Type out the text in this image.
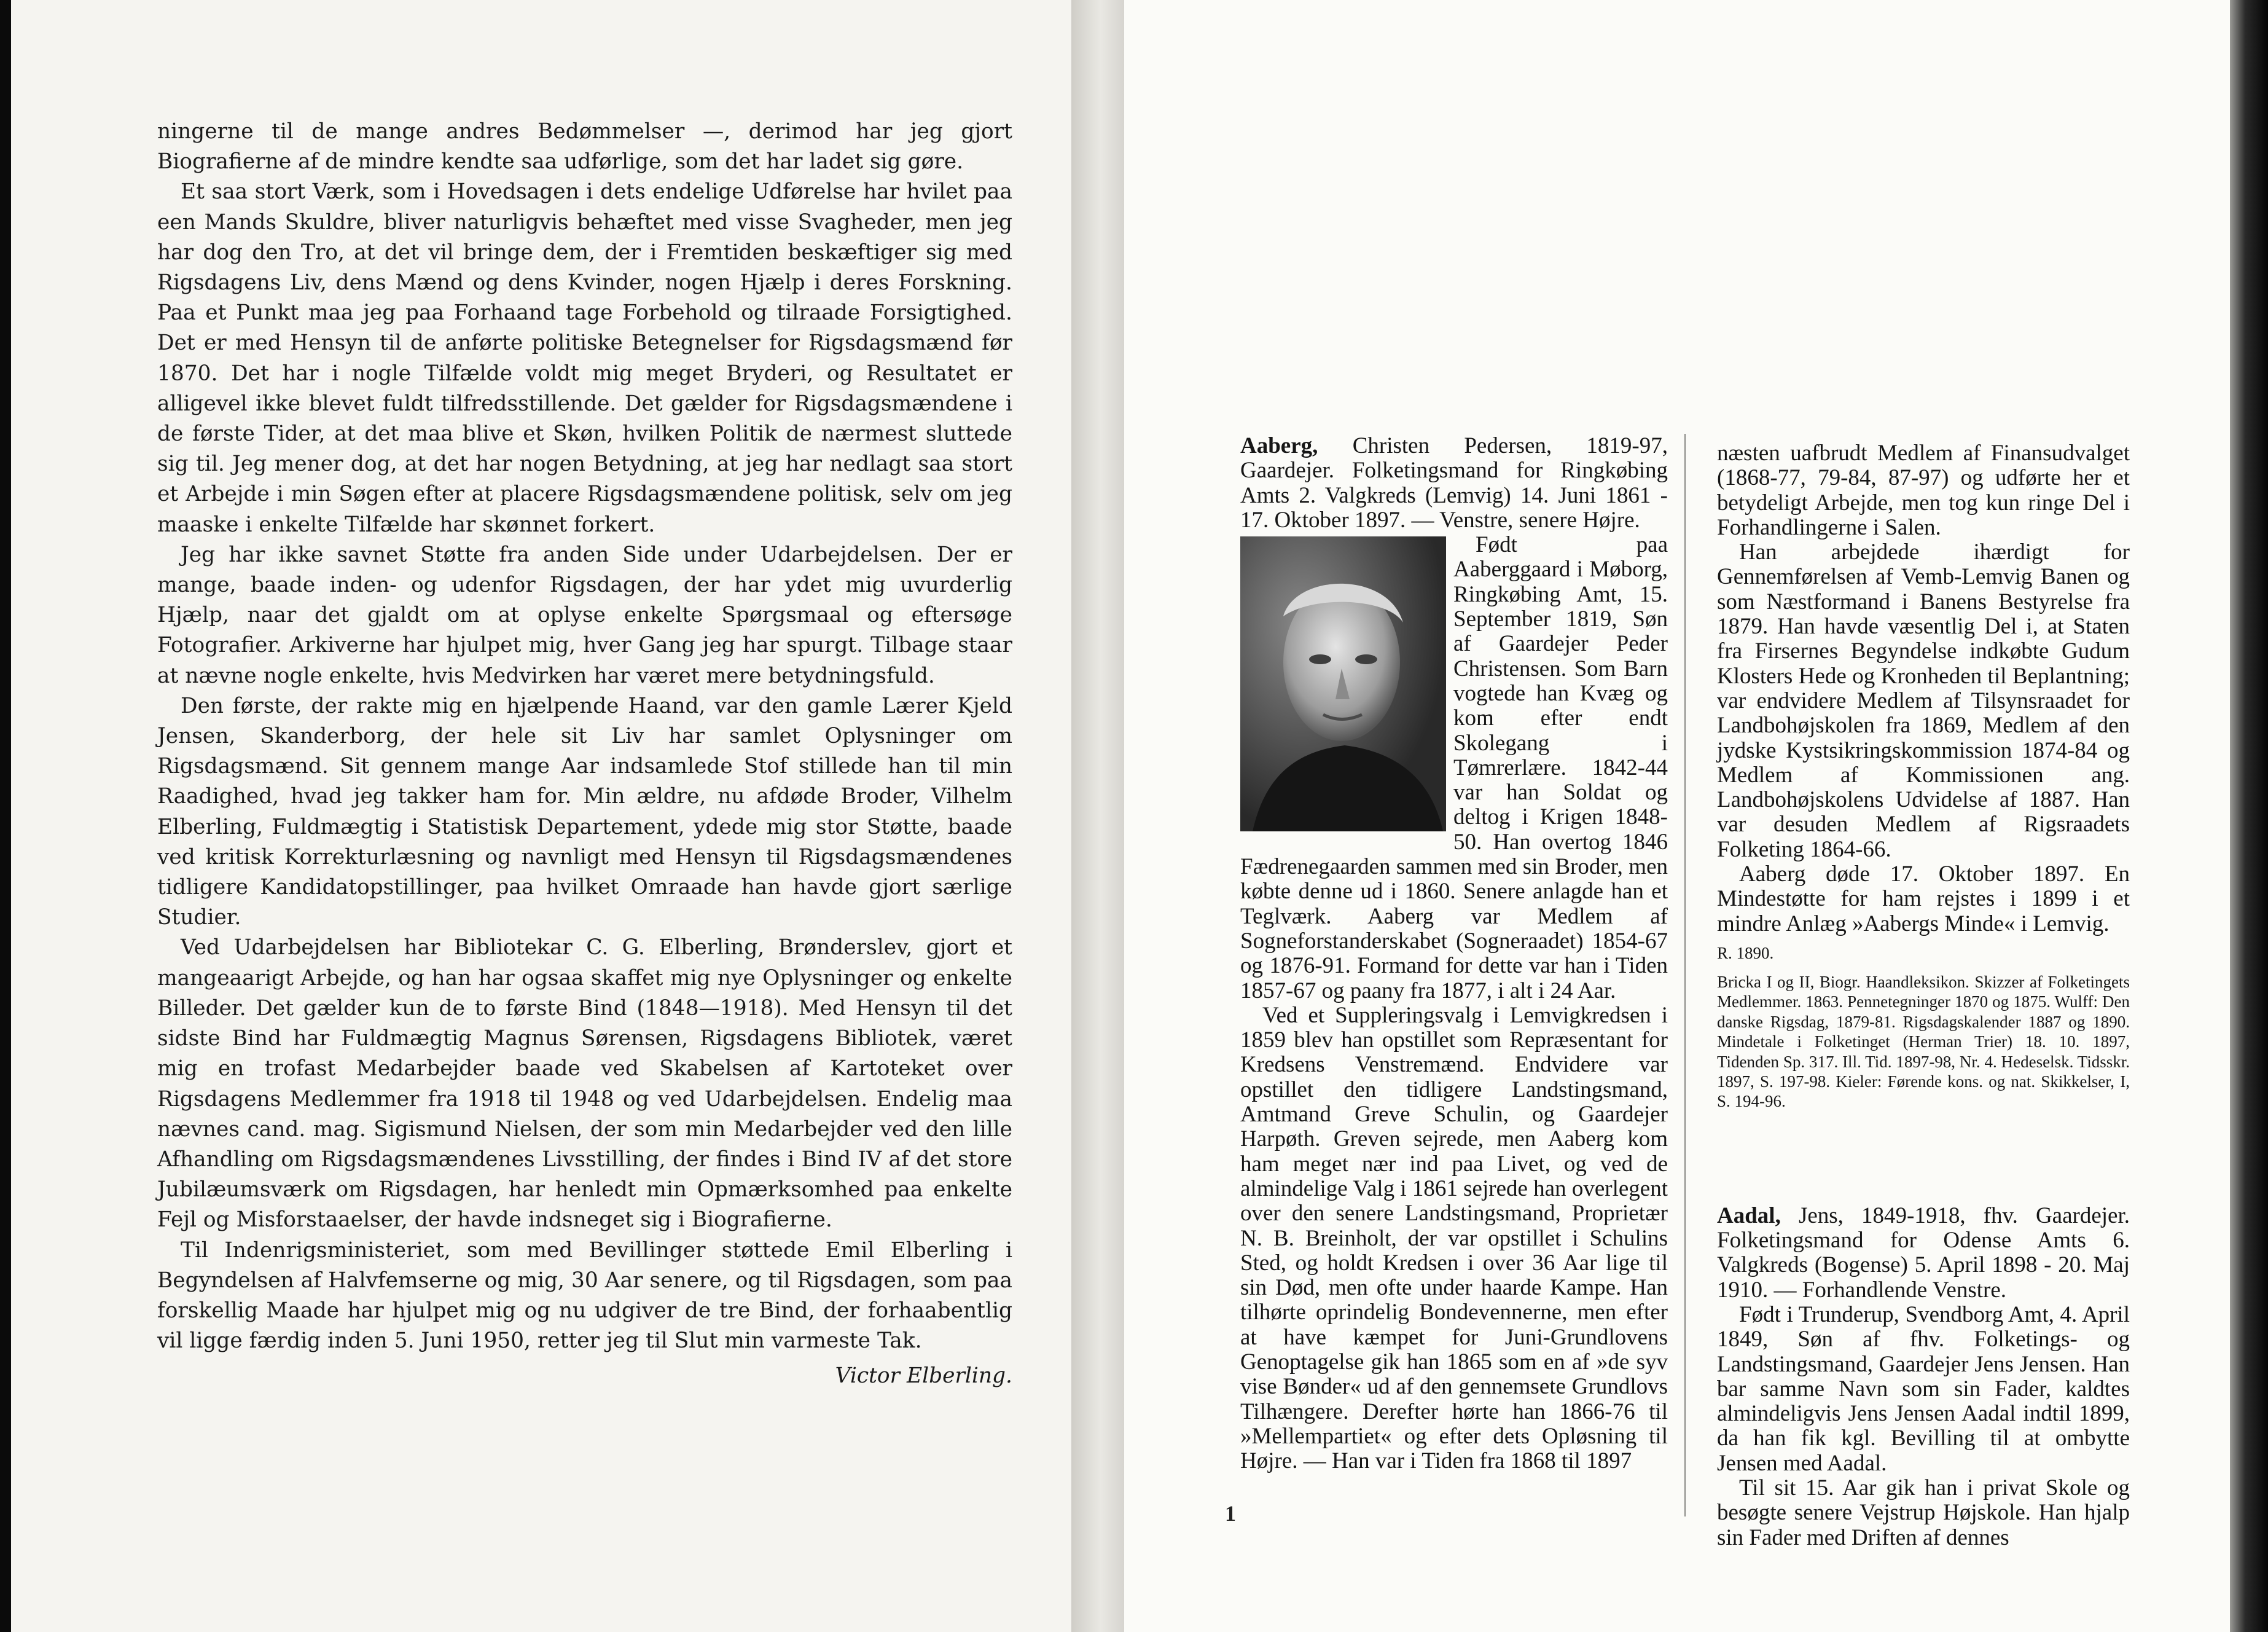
ningerne til de mange andres Bedømmelser —, derimod har jeg gjort Biografierne af de mindre kendte saa udførlige, som det har ladet sig gøre.

Et saa stort Værk, som i Hovedsagen i dets endelige Udførelse har hvilet paa een Mands Skuldre, bliver naturligvis behæftet med visse Svagheder, men jeg har dog den Tro, at det vil bringe dem, der i Fremtiden beskæftiger sig med Rigsdagens Liv, dens Mænd og dens Kvinder, nogen Hjælp i deres Forskning. Paa et Punkt maa jeg paa Forhaand tage Forbehold og tilraade Forsigtighed. Det er med Hensyn til de anførte politiske Betegnelser for Rigsdagsmænd før 1870. Det har i nogle Tilfælde voldt mig meget Bryderi, og Resultatet er alligevel ikke blevet fuldt tilfredsstillende. Det gælder for Rigsdagsmændene i de første Tider, at det maa blive et Skøn, hvilken Politik de nærmest sluttede sig til. Jeg mener dog, at det har nogen Betydning, at jeg har nedlagt saa stort et Arbejde i min Søgen efter at placere Rigsdagsmændene politisk, selv om jeg maaske i enkelte Tilfælde har skønnet forkert.

Jeg har ikke savnet Støtte fra anden Side under Udarbejdelsen. Der er mange, baade inden- og udenfor Rigsdagen, der har ydet mig uvurderlig Hjælp, naar det gjaldt om at oplyse enkelte Spørgsmaal og eftersøge Fotografier. Arkiverne har hjulpet mig, hver Gang jeg har spurgt. Tilbage staar at nævne nogle enkelte, hvis Medvirken har været mere betydningsfuld.

Den første, der rakte mig en hjælpende Haand, var den gamle Lærer Kjeld Jensen, Skanderborg, der hele sit Liv har samlet Oplysninger om Rigsdagsmænd. Sit gennem mange Aar indsamlede Stof stillede han til min Raadighed, hvad jeg takker ham for. Min ældre, nu afdøde Broder, Vilhelm Elberling, Fuldmægtig i Statistisk Departement, ydede mig stor Støtte, baade ved kritisk Korrekturlæsning og navnligt med Hensyn til Rigsdagsmændenes tidligere Kandidatopstillinger, paa hvilket Omraade han havde gjort særlige Studier.

Ved Udarbejdelsen har Bibliotekar C. G. Elberling, Brønderslev, gjort et mangeaarigt Arbejde, og han har ogsaa skaffet mig nye Oplysninger og enkelte Billeder. Det gælder kun de to første Bind (1848—1918). Med Hensyn til det sidste Bind har Fuldmægtig Magnus Sørensen, Rigsdagens Bibliotek, været mig en trofast Medarbejder baade ved Skabelsen af Kartoteket over Rigsdagens Medlemmer fra 1918 til 1948 og ved Udarbejdelsen. Endelig maa nævnes cand. mag. Sigismund Nielsen, der som min Medarbejder ved den lille Afhandling om Rigsdagsmændenes Livsstilling, der findes i Bind IV af det store Jubilæumsværk om Rigsdagen, har henledt min Opmærksomhed paa enkelte Fejl og Misforstaaelser, der havde indsneget sig i Biografierne.

Til Indenrigsministeriet, som med Bevillinger støttede Emil Elberling i Begyndelsen af Halvfemserne og mig, 30 Aar senere, og til Rigsdagen, som paa forskellig Maade har hjulpet mig og nu udgiver de tre Bind, der forhaabentlig vil ligge færdig inden 5. Juni 1950, retter jeg til Slut min varmeste Tak.

Victor Elberling.

Aaberg, Christen Pedersen, 1819-97, Gaardejer. Folketingsmand for Ringkøbing Amts 2. Valgkreds (Lemvig) 14. Juni 1861 - 17. Oktober 1897. — Venstre, senere Højre.

Født paa Aaberggaard i Møborg, Ringkøbing Amt, 15. September 1819, Søn af Gaardejer Peder Christensen. Som Barn vogtede han Kvæg og kom efter endt Skolegang i Tømrerlære. 1842-44 var han Soldat og deltog i Krigen 1848-50. Han overtog 1846 Fædrenegaarden sammen med sin Broder, men købte denne ud i 1860. Senere anlagde han et Teglværk. Aaberg var Medlem af Sogneforstanderskabet (Sogneraadet) 1854-67 og 1876-91. Formand for dette var han i Tiden 1857-67 og paany fra 1877, i alt i 24 Aar.

Ved et Suppleringsvalg i Lemvigkredsen i 1859 blev han opstillet som Repræsentant for Kredsens Venstremænd. Endvidere var opstillet den tidligere Landstingsmand, Amtmand Greve Schulin, og Gaardejer Harpøth. Greven sejrede, men Aaberg kom ham meget nær ind paa Livet, og ved de almindelige Valg i 1861 sejrede han overlegent over den senere Landstingsmand, Proprietær N. B. Breinholt, der var opstillet i Schulins Sted, og holdt Kredsen i over 36 Aar lige til sin Død, men ofte under haarde Kampe. Han tilhørte oprindelig Bondevennerne, men efter at have kæmpet for Juni-Grundlovens Genoptagelse gik han 1865 som en af »de syv vise Bønder« ud af den gennemsete Grundlovs Tilhængere. Derefter hørte han 1866-76 til »Mellempartiet« og efter dets Opløsning til Højre. — Han var i Tiden fra 1868 til 1897

næsten uafbrudt Medlem af Finansudvalget (1868-77, 79-84, 87-97) og udførte her et betydeligt Arbejde, men tog kun ringe Del i Forhandlingerne i Salen.

Han arbejdede ihærdigt for Gennemførelsen af Vemb-Lemvig Banen og som Næstformand i Banens Bestyrelse fra 1879. Han havde væsentlig Del i, at Staten fra Firsernes Begyndelse indkøbte Gudum Klosters Hede og Kronheden til Beplantning; var endvidere Medlem af Tilsynsraadet for Landbohøjskolen fra 1869, Medlem af den jydske Kystsikringskommission 1874-84 og Medlem af Kommissionen ang. Landbohøjskolens Udvidelse af 1887. Han var desuden Medlem af Rigsraadets Folketing 1864-66.

Aaberg døde 17. Oktober 1897. En Mindestøtte for ham rejstes i 1899 i et mindre Anlæg »Aabergs Minde« i Lemvig.

R. 1890.

Bricka I og II, Biogr. Haandleksikon. Skizzer af Folketingets Medlemmer. 1863. Pennetegninger 1870 og 1875. Wulff: Den danske Rigsdag, 1879-81. Rigsdagskalender 1887 og 1890. Mindetale i Folketinget (Herman Trier) 18. 10. 1897, Tidenden Sp. 317. Ill. Tid. 1897-98, Nr. 4. Hedeselsk. Tidsskr. 1897, S. 197-98. Kieler: Førende kons. og nat. Skikkelser, I, S. 194-96.

Aadal, Jens, 1849-1918, fhv. Gaardejer. Folketingsmand for Odense Amts 6. Valgkreds (Bogense) 5. April 1898 - 20. Maj 1910. — Forhandlende Venstre.

Født i Trunderup, Svendborg Amt, 4. April 1849, Søn af fhv. Folketings- og Landstingsmand, Gaardejer Jens Jensen. Han bar samme Navn som sin Fader, kaldtes almindeligvis Jens Jensen Aadal indtil 1899, da han fik kgl. Bevilling til at ombytte Jensen med Aadal.

Til sit 15. Aar gik han i privat Skole og besøgte senere Vejstrup Højskole. Han hjalp sin Fader med Driften af dennes

1
